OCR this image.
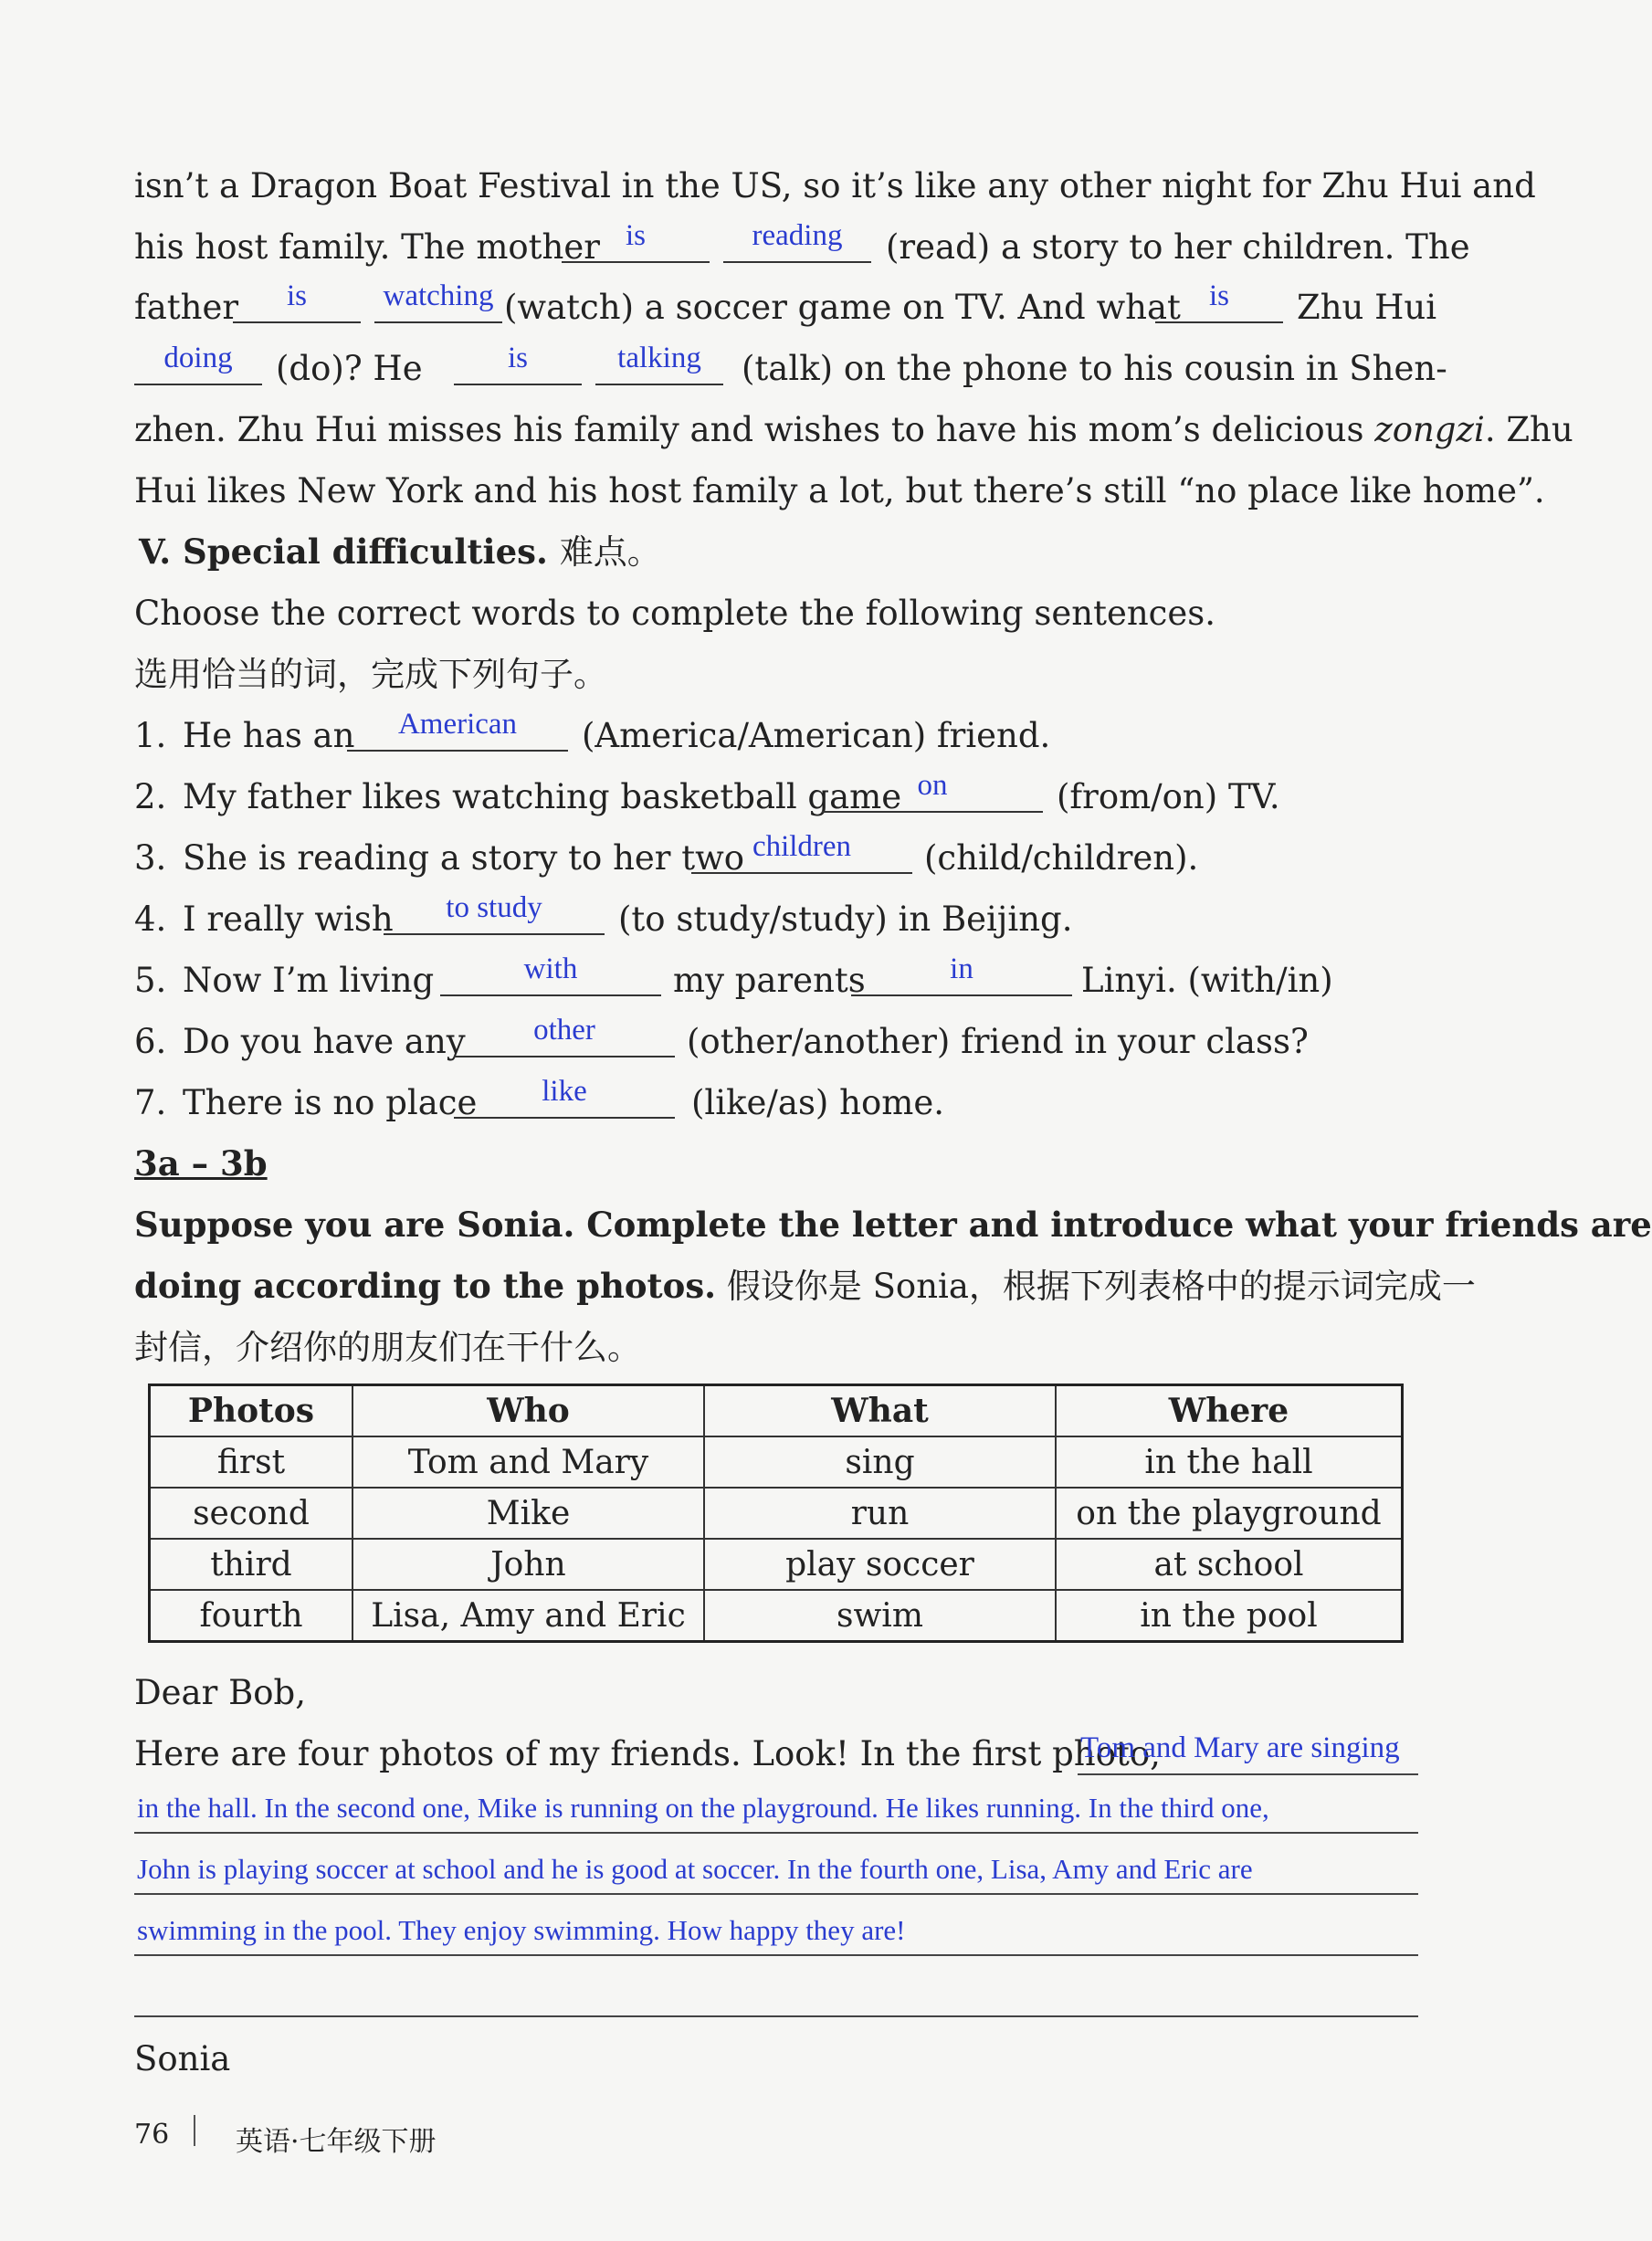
isn’t a Dragon Boat Festival in the US, so it’s like any other night for Zhu Hui and
his host family. The mother is	reading	(read) a story to her children. The
father	is	watching (watch) a soccer game on TV. And what is	Zhu Hui
doing	(do)? He	is	talking	(talk) on the phone to his cousin in Shen-
zhen. Zhu Hui misses his family and wishes to have his mom’s delicious zongzi. Zhu
Hui likes New York and his host family a lot, but there’s still “no place like home”.
V. Special difficulties. 难点。
Choose the correct words to complete the following sentences.
选用恰当的词，完成下列句子。
1. He has an	American	(America/American) friend.
2. My father likes watching basketball game on	(from/on) TV.
3. She is reading a story to her two children	(child/children).
4. I really wish	to study	(to study/study) in Beijing.
5. Now I’m living	with	my parents	in	Linyi. (with/in)
6. Do you have any	other	(other/another) friend in your class?
7. There is no place	like	(like/as) home.
3a – 3b
Suppose you are Sonia. Complete the letter and introduce what your friends are
doing according to the photos. 假设你是 Sonia，根据下列表格中的提示词完成一
封信，介绍你的朋友们在干什么。
Photos	Who	What	Where
first	Tom and Mary	sing	in the hall
second	Mike	run	on the playground
third	John	play soccer	at school
fourth	Lisa, Amy and Eric	swim	in the pool
Dear Bob,
Here are four photos of my friends. Look! In the first photo,
Tom and Mary are singing
in the hall. In the second one, Mike is running on the playground. He likes running. In the third one,
John is playing soccer at school and he is good at soccer. In the fourth one, Lisa, Amy and Eric are
swimming in the pool. They enjoy swimming. How happy they are!
Sonia
76 英语·七年级下册
